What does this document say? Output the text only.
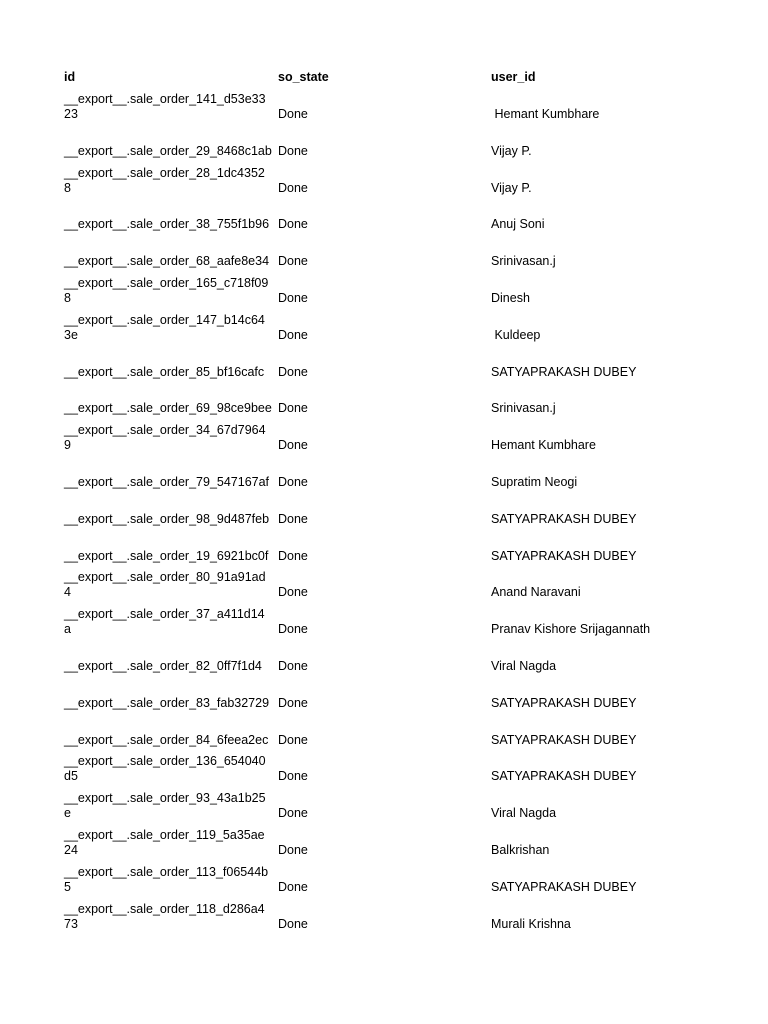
id	so_state	user_id
__export__.sale_order_141_d53e33
23	Done	Hemant Kumbhare
__export__.sale_order_29_8468c1ab Done	Vijay P.
__export__.sale_order_28_1dc4352
8	Done	Vijay P.
__export__.sale_order_38_755f1b96 Done	Anuj Soni
__export__.sale_order_68_aafe8e34 Done	Srinivasan.j
__export__.sale_order_165_c718f09
8	Done	Dinesh
__export__.sale_order_147_b14c64
3e	Done	Kuldeep
__export__.sale_order_85_bf16cafc	Done	SATYAPRAKASH DUBEY
__export__.sale_order_69_98ce9bee Done	Srinivasan.j
__export__.sale_order_34_67d7964
9	Done	Hemant Kumbhare
__export__.sale_order_79_547167af Done	Supratim Neogi
__export__.sale_order_98_9d487feb Done	SATYAPRAKASH DUBEY
__export__.sale_order_19_6921bc0f Done	SATYAPRAKASH DUBEY
__export__.sale_order_80_91a91ad
4	Done	Anand Naravani
__export__.sale_order_37_a411d14
a	Done	Pranav Kishore Srijagannath
__export__.sale_order_82_0ff7f1d4	Done	Viral Nagda
__export__.sale_order_83_fab32729 Done	SATYAPRAKASH DUBEY
__export__.sale_order_84_6feea2ec Done	SATYAPRAKASH DUBEY
__export__.sale_order_136_654040
d5	Done	SATYAPRAKASH DUBEY
__export__.sale_order_93_43a1b25
e	Done	Viral Nagda
__export__.sale_order_119_5a35ae
24	Done	Balkrishan
__export__.sale_order_113_f06544b
5	Done	SATYAPRAKASH DUBEY
__export__.sale_order_118_d286a4
73	Done	Murali Krishna
